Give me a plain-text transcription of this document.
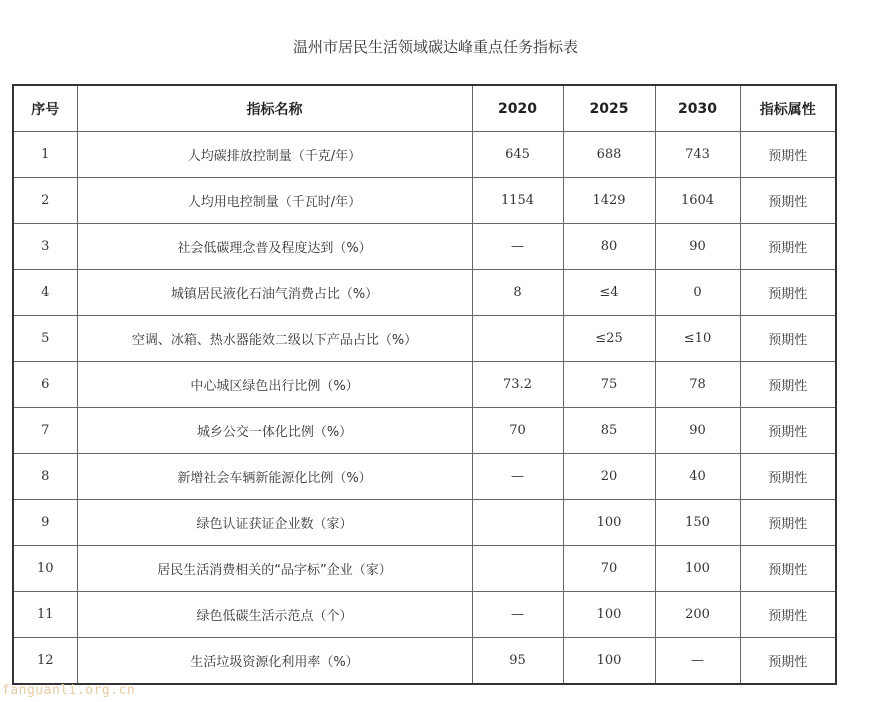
温州市居民生活领域碳达峰重点任务指标表
序号	指标名称	2020	2025	2030	指标属性
1	人均碳排放控制量（千克/年）	645	688	743	预期性
2	人均用电控制量（千瓦时/年）	1154	1429	1604	预期性
3	社会低碳理念普及程度达到（%）	—	80	90	预期性
4	城镇居民液化石油气消费占比（%）	8	≤4	0	预期性
5	空调、冰箱、热水器能效二级以下产品占比（%）		≤25	≤10	预期性
6	中心城区绿色出行比例（%）	73.2	75	78	预期性
7	城乡公交一体化比例（%）	70	85	90	预期性
8	新增社会车辆新能源化比例（%）	—	20	40	预期性
9	绿色认证获证企业数（家）		100	150	预期性
10	居民生活消费相关的“品字标”企业（家）		70	100	预期性
11	绿色低碳生活示范点（个）	—	100	200	预期性
12	生活垃圾资源化利用率（%）	95	100	—	预期性
fanguanli.org.cn
